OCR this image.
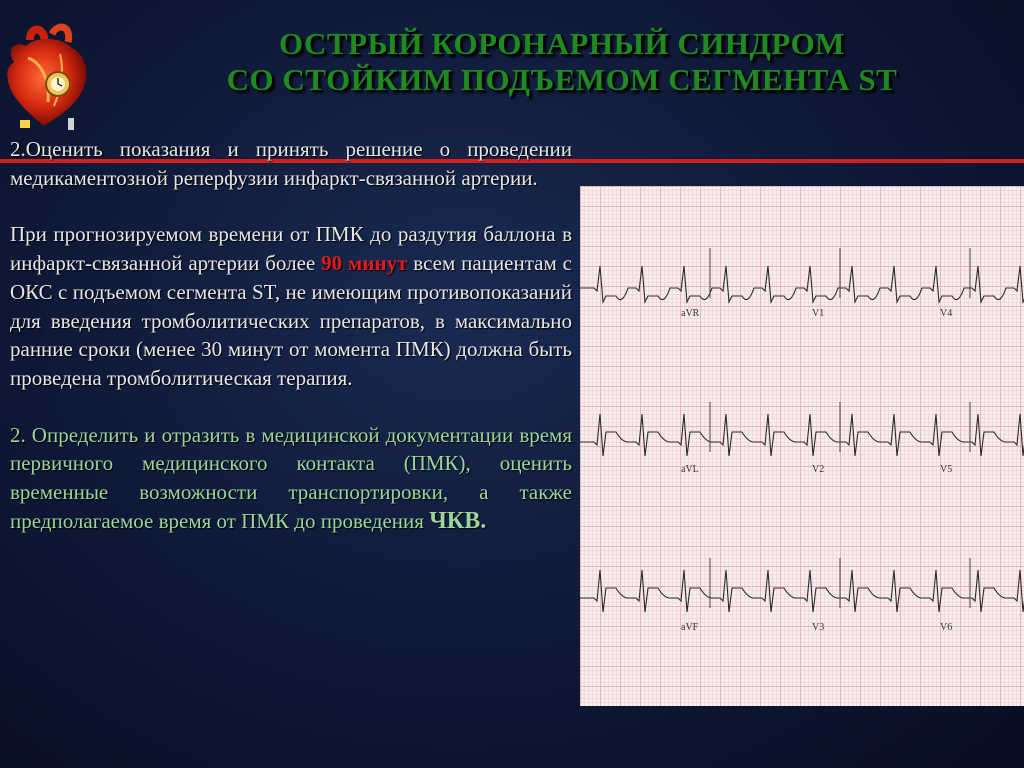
ОСТРЫЙ КОРОНАРНЫЙ СИНДРОМ
СО СТОЙКИМ ПОДЪЕМОМ СЕГМЕНТА ST

2.Оценить показания и принять решение о проведении медикаментозной реперфузии инфаркт-связанной артерии.

При прогнозируемом времени от ПМК до раздутия баллона в инфаркт-связанной артерии более 90 минут всем пациентам с ОКС с подъемом сегмента ST, не имеющим противопоказаний для введения тромболитических препаратов, в максимально ранние сроки (менее 30 минут от момента ПМК) должна быть проведена тромболитическая терапия.

2. Определить и отразить в медицинской документации время первичного медицинского контакта (ПМК), оценить временные возможности транспортировки, а также предполагаемое время от ПМК до проведения ЧКВ.

aVR	V1	V4
aVL	V2	V5
aVF	V3	V6
